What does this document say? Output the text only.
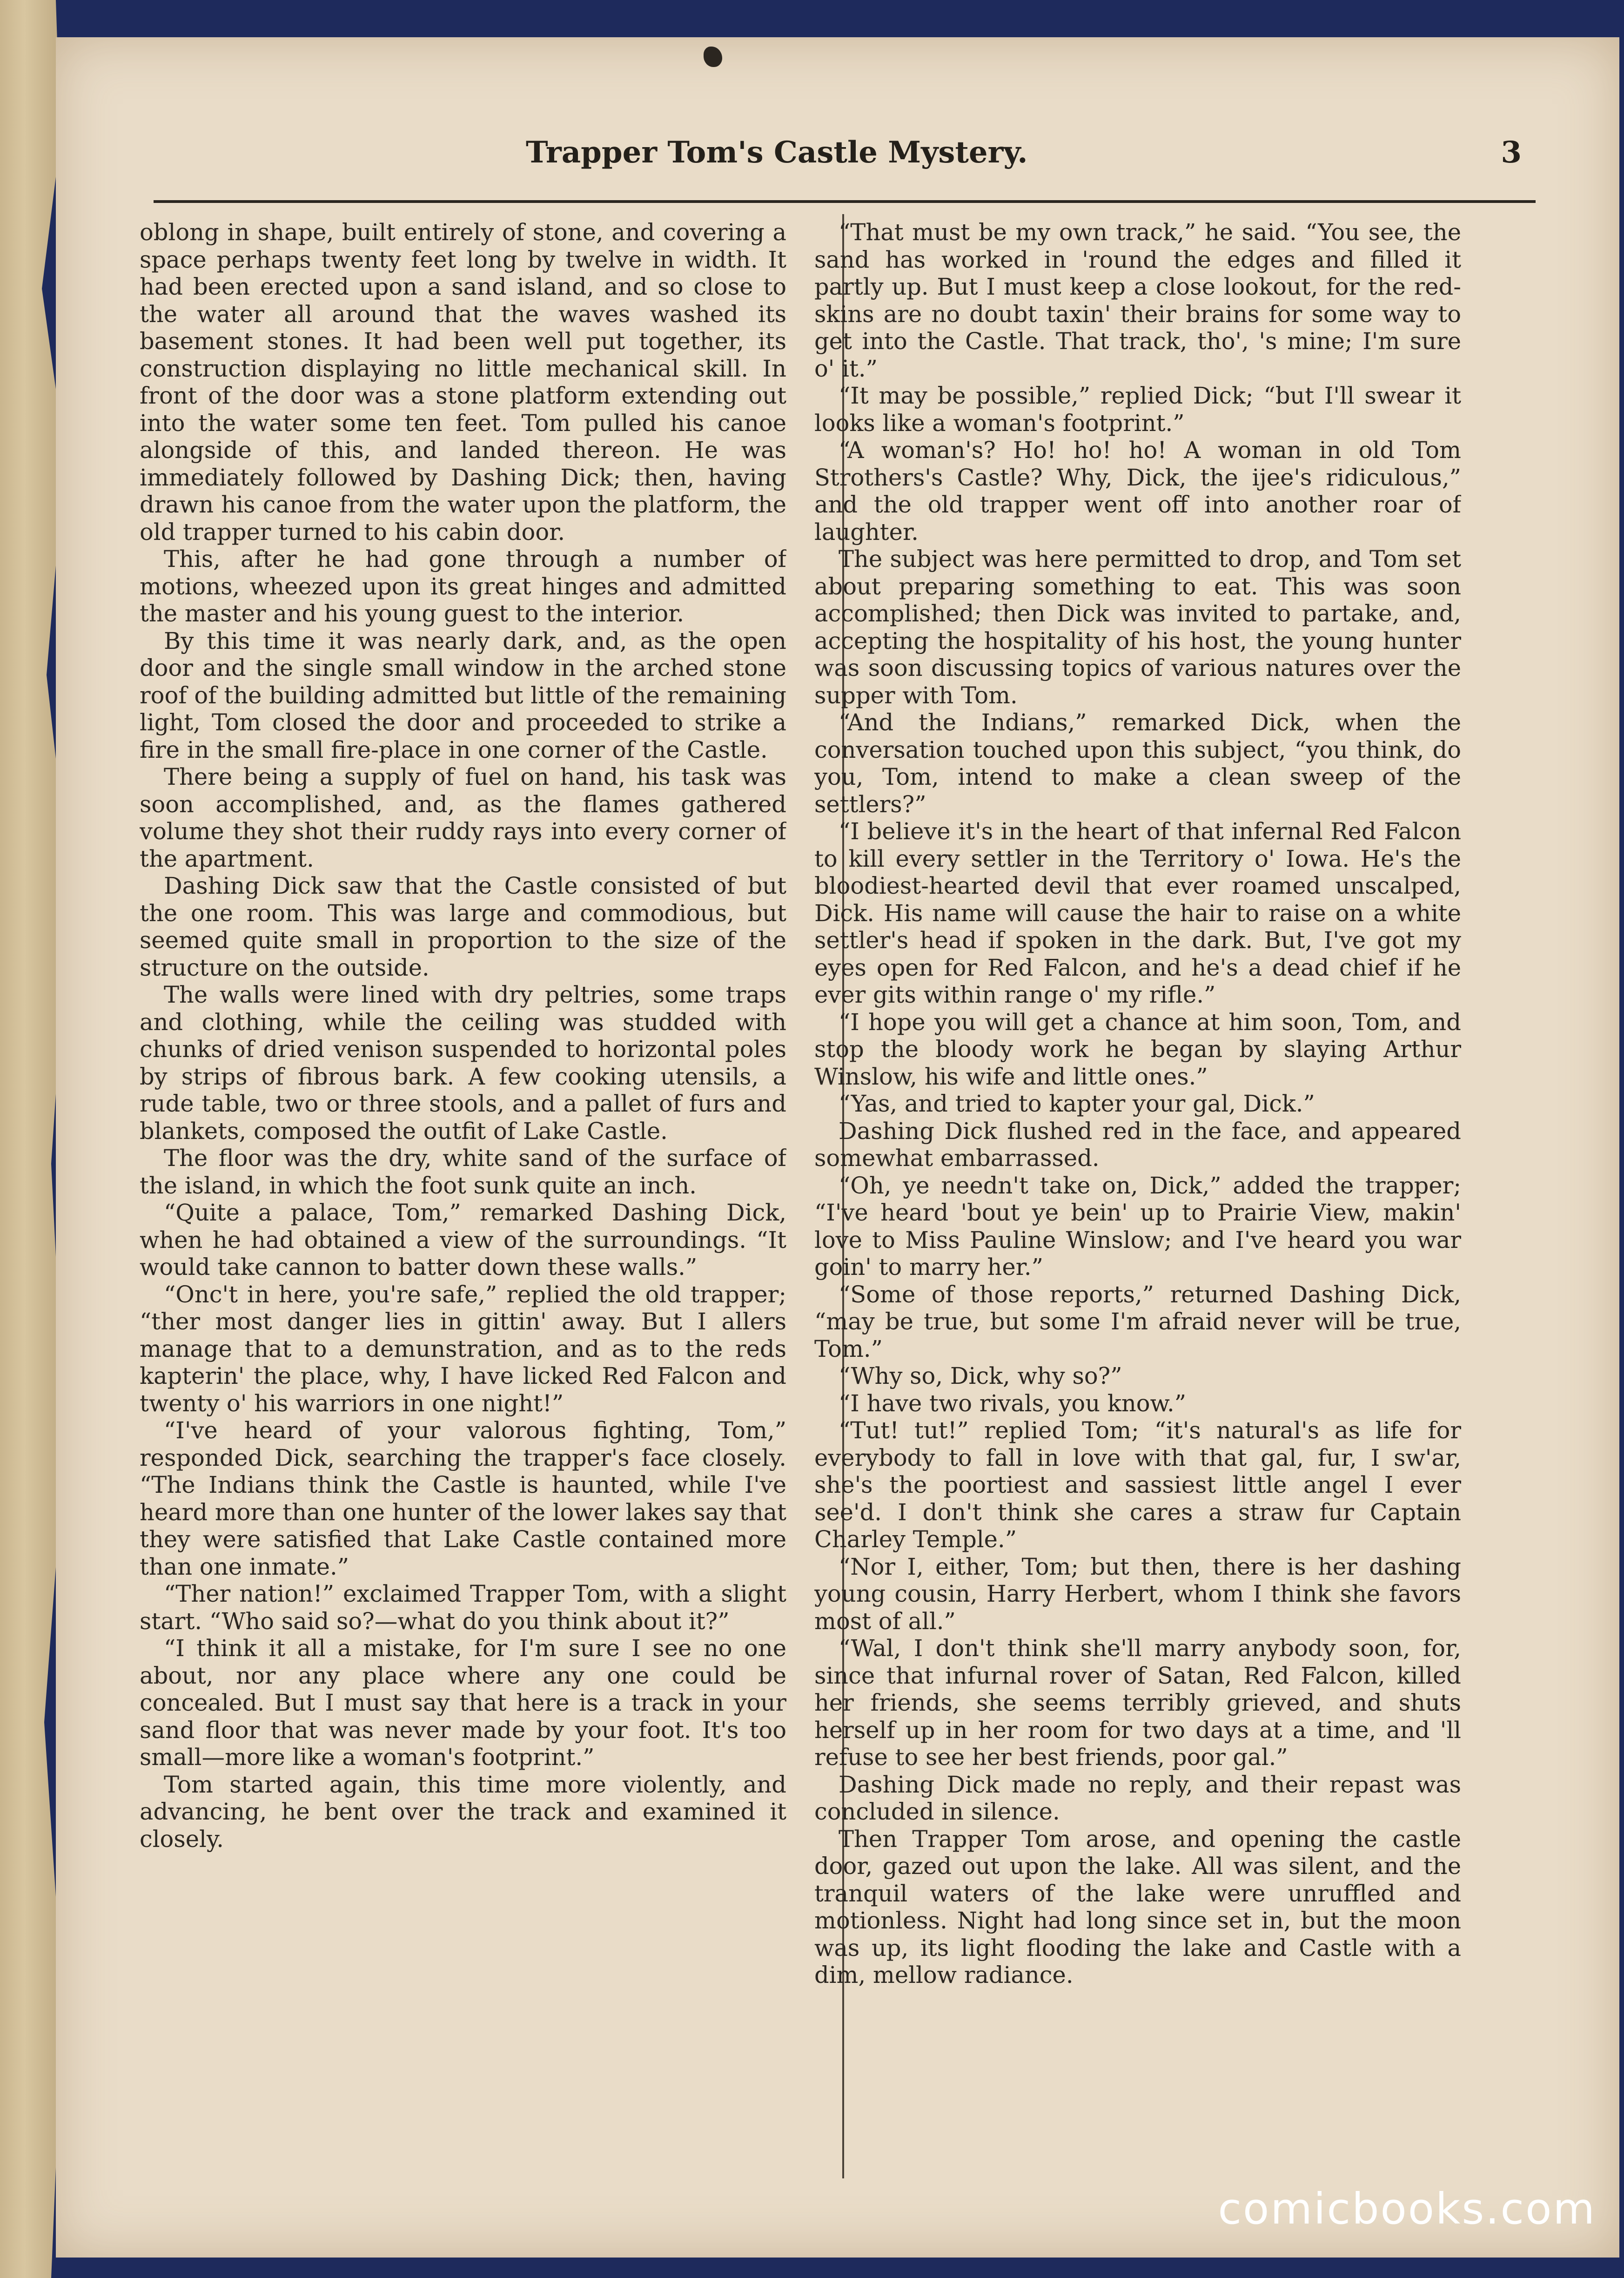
Trapper Tom's Castle Mystery.	3

oblong in shape, built entirely of stone, and covering a space perhaps twenty feet long by twelve in width. It had been erected upon a sand island, and so close to the water all around that the waves washed its basement stones. It had been well put together, its construction displaying no little mechanical skill. In front of the door was a stone platform extending out into the water some ten feet. Tom pulled his canoe alongside of this, and landed thereon. He was immediately followed by Dashing Dick; then, having drawn his canoe from the water upon the platform, the old trapper turned to his cabin door.

This, after he had gone through a number of motions, wheezed upon its great hinges and admitted the master and his young guest to the interior.

By this time it was nearly dark, and, as the open door and the single small window in the arched stone roof of the building admitted but little of the remaining light, Tom closed the door and proceeded to strike a fire in the small fire-place in one corner of the Castle.

There being a supply of fuel on hand, his task was soon accomplished, and, as the flames gathered volume they shot their ruddy rays into every corner of the apartment.

Dashing Dick saw that the Castle consisted of but the one room. This was large and commodious, but seemed quite small in proportion to the size of the structure on the outside.

The walls were lined with dry peltries, some traps and clothing, while the ceiling was studded with chunks of dried venison suspended to horizontal poles by strips of fibrous bark. A few cooking utensils, a rude table, two or three stools, and a pallet of furs and blankets, composed the outfit of Lake Castle.

The floor was the dry, white sand of the surface of the island, in which the foot sunk quite an inch.

“Quite a palace, Tom,” remarked Dashing Dick, when he had obtained a view of the surroundings. “It would take cannon to batter down these walls.”

“Onc't in here, you're safe,” replied the old trapper; “ther most danger lies in gittin' away. But I allers manage that to a demunstration, and as to the reds kapterin' the place, why, I have licked Red Falcon and twenty o' his warriors in one night!”

“I've heard of your valorous fighting, Tom,” responded Dick, searching the trapper's face closely. “The Indians think the Castle is haunted, while I've heard more than one hunter of the lower lakes say that they were satisfied that Lake Castle contained more than one inmate.”

“Ther nation!” exclaimed Trapper Tom, with a slight start. “Who said so?—what do you think about it?”

“I think it all a mistake, for I'm sure I see no one about, nor any place where any one could be concealed. But I must say that here is a track in your sand floor that was never made by your foot. It's too small—more like a woman's footprint.”

Tom started again, this time more violently, and advancing, he bent over the track and examined it closely.

“That must be my own track,” he said. “You see, the sand has worked in 'round the edges and filled it partly up. But I must keep a close lookout, for the red-skins are no doubt taxin' their brains for some way to get into the Castle. That track, tho', 's mine; I'm sure o' it.”

“It may be possible,” replied Dick; “but I'll swear it looks like a woman's footprint.”

“A woman's? Ho! ho! ho! A woman in old Tom Strothers's Castle? Why, Dick, the ijee's ridiculous,” and the old trapper went off into another roar of laughter.

The subject was here permitted to drop, and Tom set about preparing something to eat. This was soon accomplished; then Dick was invited to partake, and, accepting the hospitality of his host, the young hunter was soon discussing topics of various natures over the supper with Tom.

“And the Indians,” remarked Dick, when the conversation touched upon this subject, “you think, do you, Tom, intend to make a clean sweep of the settlers?”

“I believe it's in the heart of that infernal Red Falcon to kill every settler in the Territory o' Iowa. He's the bloodiest-hearted devil that ever roamed unscalped, Dick. His name will cause the hair to raise on a white settler's head if spoken in the dark. But, I've got my eyes open for Red Falcon, and he's a dead chief if he ever gits within range o' my rifle.”

“I hope you will get a chance at him soon, Tom, and stop the bloody work he began by slaying Arthur Winslow, his wife and little ones.”

“Yas, and tried to kapter your gal, Dick.”

Dashing Dick flushed red in the face, and appeared somewhat embarrassed.

“Oh, ye needn't take on, Dick,” added the trapper; “I've heard 'bout ye bein' up to Prairie View, makin' love to Miss Pauline Winslow; and I've heard you war goin' to marry her.”

“Some of those reports,” returned Dashing Dick, “may be true, but some I'm afraid never will be true, Tom.”

“Why so, Dick, why so?”

“I have two rivals, you know.”

“Tut! tut!” replied Tom; “it's natural's as life for everybody to fall in love with that gal, fur, I sw'ar, she's the poortiest and sassiest little angel I ever see'd. I don't think she cares a straw fur Captain Charley Temple.”

“Nor I, either, Tom; but then, there is her dashing young cousin, Harry Herbert, whom I think she favors most of all.”

“Wal, I don't think she'll marry anybody soon, for, since that infurnal rover of Satan, Red Falcon, killed her friends, she seems terribly grieved, and shuts herself up in her room for two days at a time, and 'll refuse to see her best friends, poor gal.”

Dashing Dick made no reply, and their repast was concluded in silence.

Then Trapper Tom arose, and opening the castle door, gazed out upon the lake. All was silent, and the tranquil waters of the lake were unruffled and motionless. Night had long since set in, but the moon was up, its light flooding the lake and Castle with a dim, mellow radiance.

comicbooks.com
